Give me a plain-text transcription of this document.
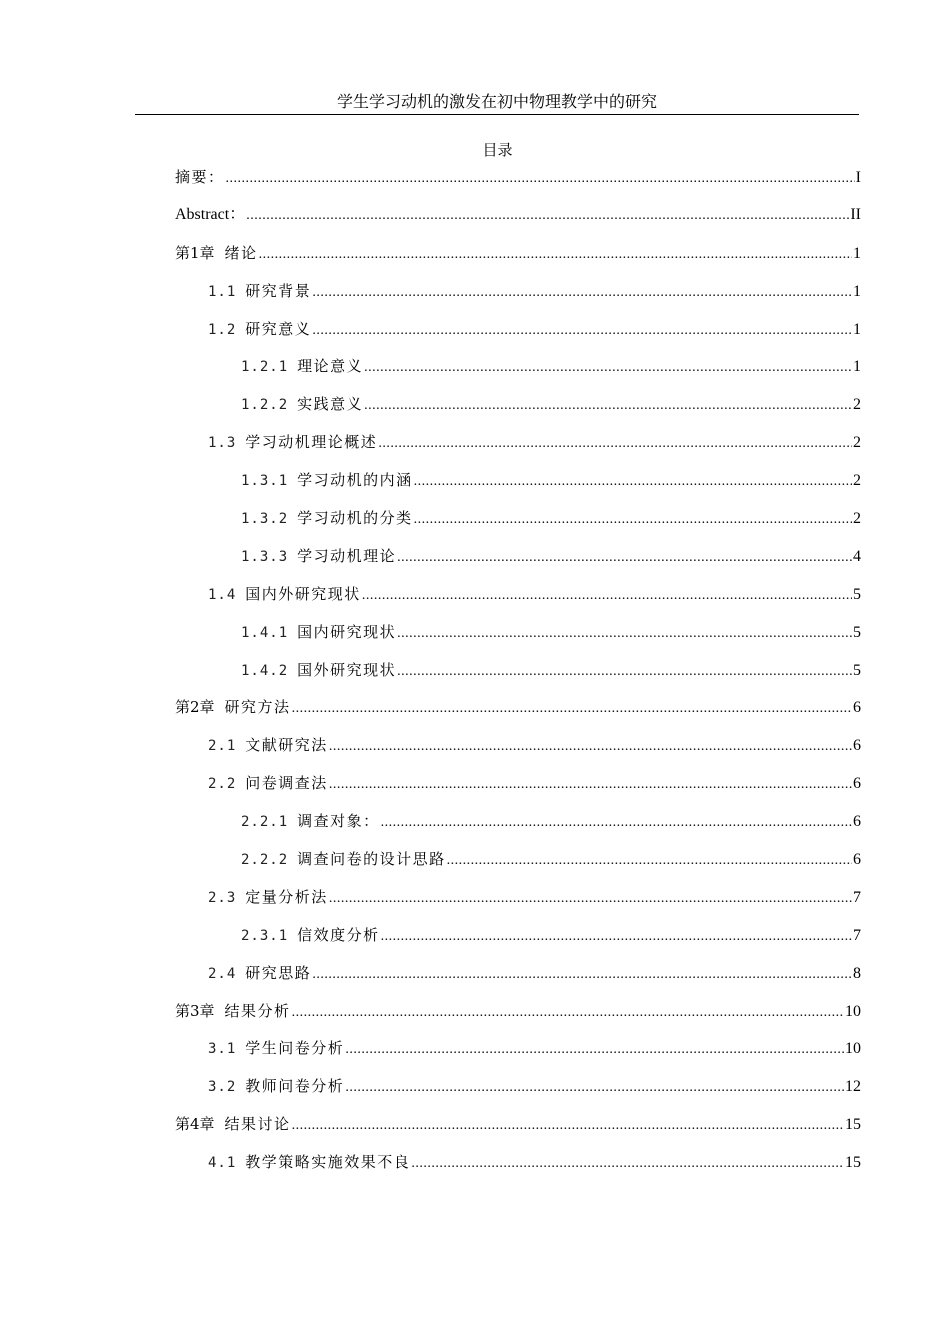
学生学习动机的激发在初中物理教学中的研究
目录
摘要： .....	I
Abstract： .....	II
第1章 绪论 .....	1
1.1 研究背景 .....	1
1.2 研究意义 .....	1
1.2.1 理论意义 .....	1
1.2.2 实践意义 .....	2
1.3 学习动机理论概述 .....	2
1.3.1 学习动机的内涵 .....	2
1.3.2 学习动机的分类 .....	2
1.3.3 学习动机理论 .....	4
1.4 国内外研究现状 .....	5
1.4.1 国内研究现状 .....	5
1.4.2 国外研究现状 .....	5
第2章 研究方法 .....	6
2.1 文献研究法 .....	6
2.2 问卷调查法 .....	6
2.2.1 调查对象： .....	6
2.2.2 调查问卷的设计思路 .....	6
2.3 定量分析法 .....	7
2.3.1 信效度分析 .....	7
2.4 研究思路 .....	8
第3章 结果分析 .....	10
3.1 学生问卷分析 .....	10
3.2 教师问卷分析 .....	12
第4章 结果讨论 .....	15
4.1 教学策略实施效果不良 .....	15
